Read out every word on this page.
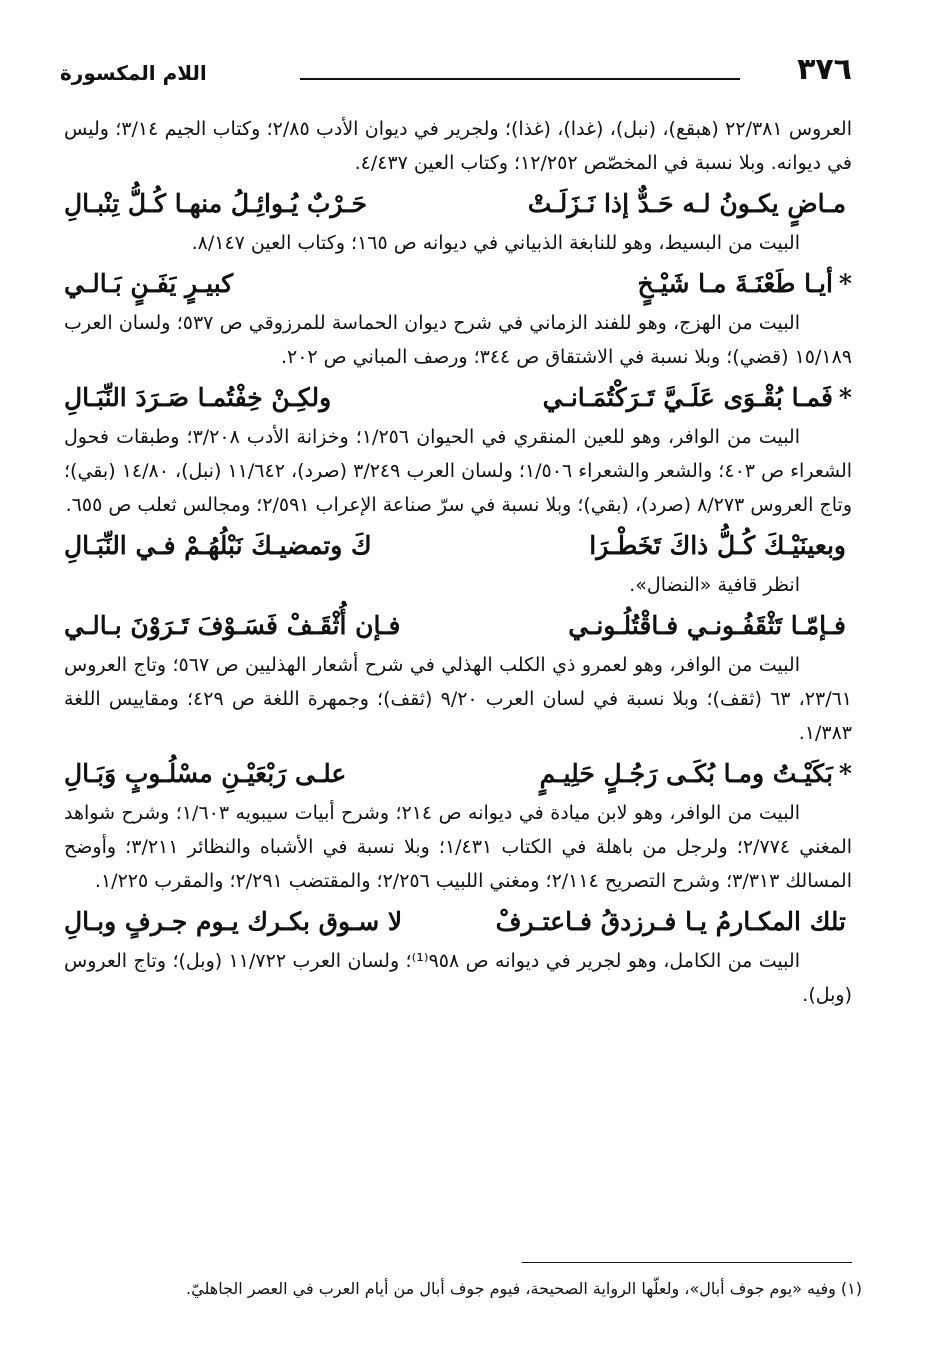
٣٧٦
اللام المكسورة

العروس ٢٢/٣٨١ (هبقع)، (نبل)، (غدا)، (غذا)؛ ولجرير في ديوان الأدب ٢/٨٥؛ وكتاب الجيم ٣/١٤؛ وليس في ديوانه. وبلا نسبة في المخصّص ١٢/٢٥٢؛ وكتاب العين ٤/٤٣٧.

مـاضٍ يكـونُ لـه حَـدٌّ إذا نَـزَلَـتْ
حَـرْبٌ يُـوائِـلُ منهـا كُـلُّ تِنْبـالِ

البيت من البسيط، وهو للنابغة الذبياني في ديوانه ص ١٦٥؛ وكتاب العين ٨/١٤٧.

*
أيـا طَعْنَـةَ مـا شَيْـخٍ
كبيـرٍ يَفَـنٍ بَـالـي

البيت من الهزج، وهو للفند الزماني في شرح ديوان الحماسة للمرزوقي ص ٥٣٧؛ ولسان العرب ١٥/١٨٩ (قضي)؛ وبلا نسبة في الاشتقاق ص ٣٤٤؛ ورصف المباني ص ٢٠٢.

*
فَمـا بُقْـوَى عَلَـيَّ تَـرَكْتُمَـانـي
ولكِـنْ خِفْتُمـا صَـرَدَ النِّبَـالِ

البيت من الوافر، وهو للعين المنقري في الحيوان ١/٢٥٦؛ وخزانة الأدب ٣/٢٠٨؛ وطبقات فحول الشعراء ص ٤٠٣؛ والشعر والشعراء ١/٥٠٦؛ ولسان العرب ٣/٢٤٩ (صرد)، ١١/٦٤٢ (نبل)، ١٤/٨٠ (بقي)؛ وتاج العروس ٨/٢٧٣ (صرد)، (بقي)؛ وبلا نسبة في سرّ صناعة الإعراب ٢/٥٩١؛ ومجالس ثعلب ص ٦٥٥.

وبعينَيْـكَ كُـلُّ ذاكَ تَخَطْـرَا
كَ وتمضيـكَ نَبْلُهُـمْ فـي النِّبَـالِ

انظر قافية «النضال».

فـإمّـا تَثْقَفُـونـي فـاقْتُلُـونـي
فـإن أُثْقَـفْ فَسَـوْفَ تَـرَوْنَ بـالـي

البيت من الوافر، وهو لعمرو ذي الكلب الهذلي في شرح أشعار الهذليين ص ٥٦٧؛ وتاج العروس ٢٣/٦١، ٦٣ (ثقف)؛ وبلا نسبة في لسان العرب ٩/٢٠ (ثقف)؛ وجمهرة اللغة ص ٤٢٩؛ ومقاييس اللغة ١/٣٨٣.

*
بَكَيْـتُ ومـا بُكَـى رَجُـلٍ حَلِيـمٍ
علـى رَبْعَيْـنِ مسْلُـوبٍ وَبَـالِ

البيت من الوافر، وهو لابن ميادة في ديوانه ص ٢١٤؛ وشرح أبيات سيبويه ١/٦٠٣؛ وشرح شواهد المغني ٢/٧٧٤؛ ولرجل من باهلة في الكتاب ١/٤٣١؛ وبلا نسبة في الأشباه والنظائر ٣/٢١١؛ وأوضح المسالك ٣/٣١٣؛ وشرح التصريح ٢/١١٤؛ ومغني اللبيب ٢/٢٥٦؛ والمقتضب ٢/٢٩١؛ والمقرب ١/٢٢٥.

تلك المكـارمُ يـا فـرزدقُ فـاعتـرفْ
لا سـوق بكـرك يـوم جـرفٍ وبـالِ

البيت من الكامل، وهو لجرير في ديوانه ص ٩٥٨⁽¹⁾؛ ولسان العرب ١١/٧٢٢ (وبل)؛ وتاج العروس (وبل).

(١) وفيه «يوم جوف أبال»، ولعلّها الرواية الصحيحة، فيوم جوف أبال من أيام العرب في العصر الجاهليّ.
